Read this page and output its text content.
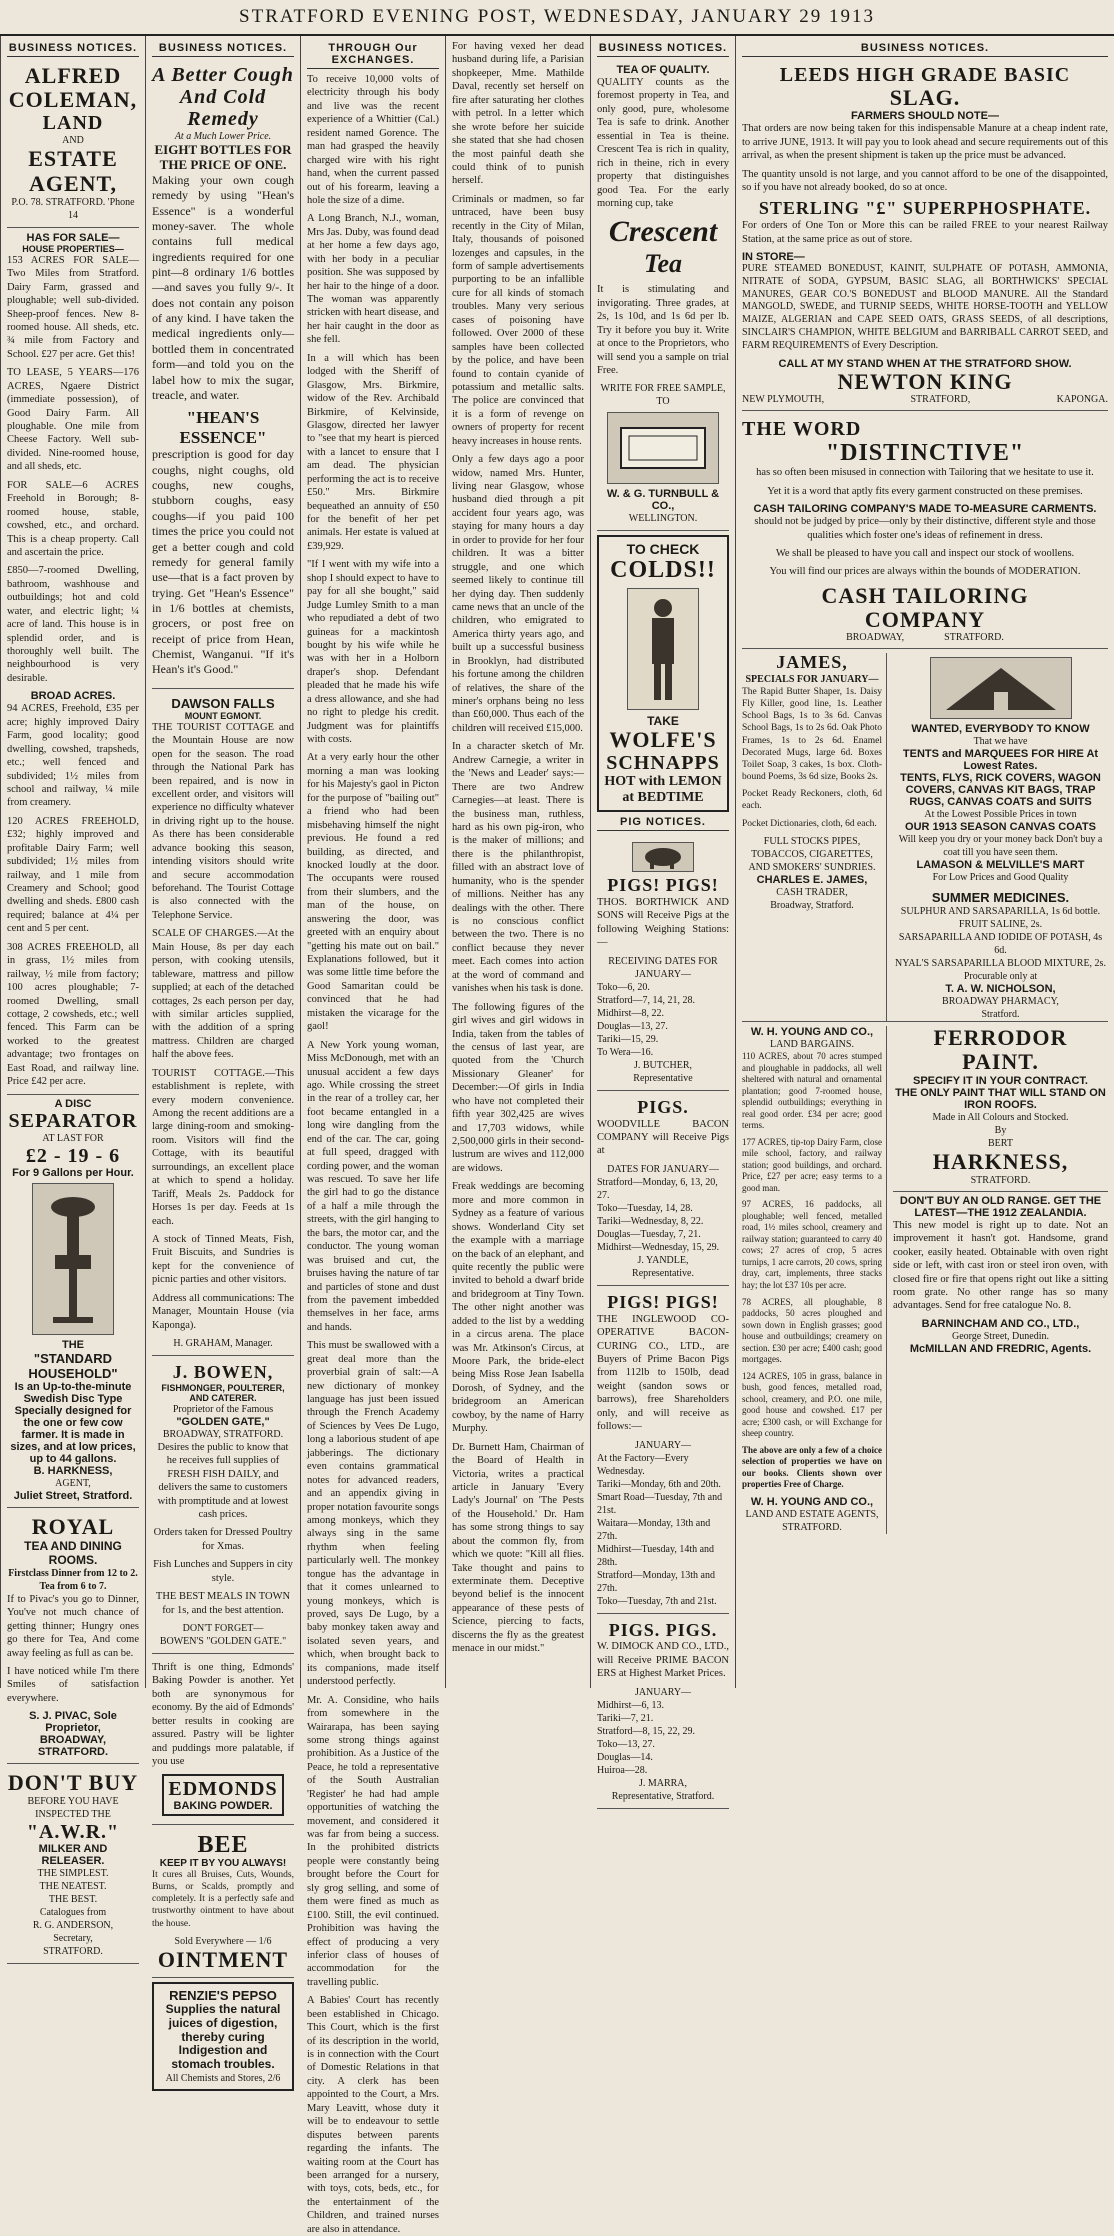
STRATFORD EVENING POST, WEDNESDAY, JANUARY 29 1913
BUSINESS NOTICES.
ALFRED
COLEMAN,
LAND
AND
ESTATE
AGENT,
P.O. 78. STRATFORD. 'Phone 14
HAS FOR SALE—
HOUSE PROPERTIES—

153 ACRES FOR SALE—Two Miles from Stratford. Dairy Farm, grassed and ploughable; well sub-divided. Sheep-proof fences. New 8-roomed house. All sheds, etc. ¾ mile from Factory and School. £27 per acre. Get this!

TO LEASE, 5 YEARS—176 ACRES, Ngaere District (immediate possession), of Good Dairy Farm. All ploughable. One mile from Cheese Factory. Well sub-divided. Nine-roomed house, and all sheds, etc.

FOR SALE—6 ACRES Freehold in Borough; 8-roomed house, stable, cowshed, etc., and orchard. This is a cheap property. Call and ascertain the price.

£850—7-roomed Dwelling, bathroom, washhouse and outbuildings; hot and cold water, and electric light; ¼ acre of land. This house is in splendid order, and is thoroughly well built. The neighbourhood is very desirable.

BROAD ACRES.

94 ACRES, Freehold, £35 per acre; highly improved Dairy Farm, good locality; good dwelling, cowshed, trapsheds, etc.; well fenced and subdivided; 1½ miles from school and railway, ¼ mile from creamery.

120 ACRES FREEHOLD, £32; highly improved and profitable Dairy Farm; well subdivided; 1½ miles from railway, and 1 mile from Creamery and School; good dwelling and sheds. £800 cash required; balance at 4¼ per cent and 5 per cent.

308 ACRES FREEHOLD, all in grass, 1½ miles from railway, ½ mile from factory; 100 acres ploughable; 7-roomed Dwelling, small cottage, 2 cowsheds, etc.; well fenced. This Farm can be worked to the greatest advantage; two frontages on East Road, and railway line. Price £42 per acre.

A DISC
SEPARATOR
AT LAST FOR
£2 - 19 - 6
For 9 Gallons per Hour.
THE
"STANDARD
HOUSEHOLD"
Is an Up-to-the-minute Swedish Disc Type Specially designed for the one or few cow farmer. It is made in sizes, and at low prices, up to 44 gallons.
B. HARKNESS,
AGENT,
Juliet Street, Stratford.
ROYAL
TEA AND DINING ROOMS.
Firstclass Dinner from 12 to 2. Tea from 6 to 7.

If to Pivac's you go to Dinner, You've not much chance of getting thinner; Hungry ones go there for Tea, And come away feeling as full as can be.

I have noticed while I'm there Smiles of satisfaction everywhere.

S. J. PIVAC, Sole Proprietor,
BROADWAY, STRATFORD.
DON'T BUY
BEFORE YOU HAVE INSPECTED THE
"A.W.R."
MILKER AND RELEASER.
THE SIMPLEST.
THE NEATEST.
THE BEST.
Catalogues from
R. G. ANDERSON,
Secretary,
STRATFORD.
BUSINESS NOTICES.
A Better Cough
And Cold Remedy
At a Much Lower Price.
EIGHT BOTTLES FOR THE PRICE OF ONE.

Making your own cough remedy by using "Hean's Essence" is a wonderful money-saver. The whole contains full medical ingredients required for one pint—8 ordinary 1/6 bottles—and saves you fully 9/-. It does not contain any poison of any kind. I have taken the medical ingredients only—bottled them in concentrated form—and told you on the label how to mix the sugar, treacle, and water.

"HEAN'S ESSENCE"

prescription is good for day coughs, night coughs, old coughs, new coughs, stubborn coughs, easy coughs—if you paid 100 times the price you could not get a better cough and cold remedy for general family use—that is a fact proven by trying. Get "Hean's Essence" in 1/6 bottles at chemists, grocers, or post free on receipt of price from Hean, Chemist, Wanganui. "If it's Hean's it's Good."

DAWSON FALLS
MOUNT EGMONT.

THE TOURIST COTTAGE and the Mountain House are now open for the season. The road through the National Park has been repaired, and is now in excellent order, and visitors will experience no difficulty whatever in driving right up to the house. As there has been considerable advance booking this season, intending visitors should write and secure accommodation beforehand. The Tourist Cottage is also connected with the Telephone Service.

SCALE OF CHARGES.—At the Main House, 8s per day each person, with cooking utensils, tableware, mattress and pillow supplied; at each of the detached cottages, 2s each person per day, with similar articles supplied, with the addition of a spring mattress. Children are charged half the above fees.

TOURIST COTTAGE.—This establishment is replete, with every modern convenience. Among the recent additions are a large dining-room and smoking-room. Visitors will find the Cottage, with its beautiful surroundings, an excellent place at which to spend a holiday. Tariff, Meals 2s. Paddock for Horses 1s per day. Feeds at 1s each.

A stock of Tinned Meats, Fish, Fruit Biscuits, and Sundries is kept for the convenience of picnic parties and other visitors.

Address all communications: The Manager, Mountain House (via Kaponga).

H. GRAHAM, Manager.
J. BOWEN,
FISHMONGER, POULTERER, AND CATERER.
Proprietor of the Famous
"GOLDEN GATE,"
BROADWAY, STRATFORD.

Desires the public to know that he receives full supplies of FRESH FISH DAILY, and delivers the same to customers with promptitude and at lowest cash prices.

Orders taken for Dressed Poultry for Xmas.

Fish Lunches and Suppers in city style.

THE BEST MEALS IN TOWN for 1s, and the best attention.

DON'T FORGET—
BOWEN'S "GOLDEN GATE."

Thrift is one thing, Edmonds' Baking Powder is another. Yet both are synonymous for economy. By the aid of Edmonds' better results in cooking are assured. Pastry will be lighter and puddings more palatable, if you use

EDMONDS
BAKING POWDER.
BEE
KEEP IT BY YOU ALWAYS!

It cures all Bruises, Cuts, Wounds, Burns, or Scalds, promptly and completely. It is a perfectly safe and trustworthy ointment to have about the house.

Sold Everywhere — 1/6
OINTMENT
RENZIE'S PEPSO
Supplies the natural juices of digestion, thereby curing Indigestion and stomach troubles.
All Chemists and Stores, 2/6
THROUGH Our EXCHANGES.

To receive 10,000 volts of electricity through his body and live was the recent experience of a Whittier (Cal.) resident named Gorence. The man had grasped the heavily charged wire with his right hand, when the current passed out of his forearm, leaving a hole the size of a dime.

A Long Branch, N.J., woman, Mrs Jas. Duby, was found dead at her home a few days ago, with her body in a peculiar position. She was supposed by her hair to the hinge of a door. The woman was apparently stricken with heart disease, and her hair caught in the door as she fell.

In a will which has been lodged with the Sheriff of Glasgow, Mrs. Birkmire, widow of the Rev. Archibald Birkmire, of Kelvinside, Glasgow, directed her lawyer to "see that my heart is pierced with a lancet to ensure that I am dead. The physician performing the act is to receive £50." Mrs. Birkmire bequeathed an annuity of £50 for the benefit of her pet animals. Her estate is valued at £39,929.

"If I went with my wife into a shop I should expect to have to pay for all she bought," said Judge Lumley Smith to a man who repudiated a debt of two guineas for a mackintosh bought by his wife while he was with her in a Holborn draper's shop. Defendant pleaded that he made his wife a dress allowance, and she had no right to pledge his credit. Judgment was for plaintiffs with costs.

At a very early hour the other morning a man was looking for his Majesty's gaol in Picton for the purpose of "bailing out" a friend who had been misbehaving himself the night previous. He found a red building, as directed, and knocked loudly at the door. The occupants were roused from their slumbers, and the man of the house, on answering the door, was greeted with an enquiry about "getting his mate out on bail." Explanations followed, but it was some little time before the Good Samaritan could be convinced that he had mistaken the vicarage for the gaol!

A New York young woman, Miss McDonough, met with an unusual accident a few days ago. While crossing the street in the rear of a trolley car, her foot became entangled in a long wire dangling from the end of the car. The car, going at full speed, dragged with cording power, and the woman was rescued. To save her life the girl had to go the distance of a half a mile through the streets, with the girl hanging to the bars, the motor car, and the conductor. The young woman was bruised and cut, the bruises having the nature of tar and particles of stone and dust from the pavement imbedded themselves in her face, arms and hands.

This must be swallowed with a great deal more than the proverbial grain of salt:—A new dictionary of monkey language has just been issued through the French Academy of Sciences by Vees De Lugo, long a laborious student of ape jabberings. The dictionary even contains grammatical notes for advanced readers, and an appendix giving in proper notation favourite songs among monkeys, which they always sing in the same rhythm when feeling particularly well. The monkey tongue has the advantage in that it comes unlearned to young monkeys, which is proved, says De Lugo, by a baby monkey taken away and isolated seven years, and which, when brought back to its companions, made itself understood perfectly.

Mr. A. Considine, who hails from somewhere in the Wairarapa, has been saying some strong things against prohibition. As a Justice of the Peace, he told a representative of the South Australian 'Register' he had had ample opportunities of watching the movement, and considered it was far from being a success. In the prohibited districts people were constantly being brought before the Court for sly grog selling, and some of them were fined as much as £100. Still, the evil continued. Prohibition was having the effect of producing a very inferior class of houses of accommodation for the travelling public.

A Babies' Court has recently been established in Chicago. This Court, which is the first of its description in the world, is in connection with the Court of Domestic Relations in that city. A clerk has been appointed to the Court, a Mrs. Mary Leavitt, whose duty it will be to endeavour to settle disputes between parents regarding the infants. The waiting room at the Court has been arranged for a nursery, with toys, cots, beds, etc., for the entertainment of the Children, and trained nurses are also in attendance.

For having vexed her dead husband during life, a Parisian shopkeeper, Mme. Mathilde Daval, recently set herself on fire after saturating her clothes with petrol. In a letter which she wrote before her suicide she stated that she had chosen the most painful death she could think of to punish herself.

Criminals or madmen, so far untraced, have been busy recently in the City of Milan, Italy, thousands of poisoned lozenges and capsules, in the form of sample advertisements purporting to be an infallible cure for all kinds of stomach troubles. Many very serious cases of poisoning have followed. Over 2000 of these samples have been collected by the police, and have been found to contain cyanide of potassium and metallic salts. The police are convinced that it is a form of revenge on owners of property for recent heavy increases in house rents.

Only a few days ago a poor widow, named Mrs. Hunter, living near Glasgow, whose husband died through a pit accident four years ago, was staying for many hours a day in order to provide for her four children. It was a bitter struggle, and one which seemed likely to continue till her dying day. Then suddenly came news that an uncle of the children, who emigrated to America thirty years ago, and built up a successful business in Brooklyn, had distributed his fortune among the children of relatives, the share of the miner's orphans being no less than £60,000. Thus each of the children will received £15,000.

In a character sketch of Mr. Andrew Carnegie, a writer in the 'News and Leader' says:—There are two Andrew Carnegies—at least. There is the business man, ruthless, hard as his own pig-iron, who is the maker of millions; and there is the philanthropist, filled with an abstract love of humanity, who is the spender of millions. Neither has any dealings with the other. There is no conscious conflict between the two. There is no conflict because they never meet. Each comes into action at the word of command and vanishes when his task is done.

The following figures of the girl wives and girl widows in India, taken from the tables of the census of last year, are quoted from the 'Church Missionary Gleaner' for December:—Of girls in India who have not completed their fifth year 302,425 are wives and 17,703 widows, while 2,500,000 girls in their second-lustrum are wives and 112,000 are widows.

Freak weddings are becoming more and more common in Sydney as a feature of various shows. Wonderland City set the example with a marriage on the back of an elephant, and quite recently the public were invited to behold a dwarf bride and bridegroom at Tiny Town. The other night another was added to the list by a wedding in a circus arena. The place was Mr. Atkinson's Circus, at Moore Park, the bride-elect being Miss Rose Jean Isabella Dorosh, of Sydney, and the bridegroom an American cowboy, by the name of Harry Murphy.

Dr. Burnett Ham, Chairman of the Board of Health in Victoria, writes a practical article in January 'Every Lady's Journal' on 'The Pests of the Household.' Dr. Ham has some strong things to say about the common fly, from which we quote: "Kill all flies. Take thought and pains to exterminate them. Deceptive beyond belief is the innocent appearance of these pests of Science, piercing to facts, discerns the fly as the greatest menace in our midst."

BUSINESS NOTICES.
TEA OF QUALITY.

QUALITY counts as the foremost property in Tea, and only good, pure, wholesome Tea is safe to drink. Another essential in Tea is theine. Crescent Tea is rich in quality, rich in theine, rich in every property that distinguishes good Tea. For the early morning cup, take

Crescent
Tea

It is stimulating and invigorating. Three grades, at 2s, 1s 10d, and 1s 6d per lb. Try it before you buy it. Write at once to the Proprietors, who will send you a sample on trial Free.

WRITE FOR FREE SAMPLE, TO
W. & G. TURNBULL & CO.,
WELLINGTON.
TO CHECK
COLDS!!
TAKE
WOLFE'S
SCHNAPPS
HOT with LEMON
at BEDTIME
PIG NOTICES.
PIGS! PIGS!

THOS. BORTHWICK AND SONS will Receive Pigs at the following Weighing Stations:—

RECEIVING DATES FOR JANUARY—
Toko—6, 20.
Stratford—7, 14, 21, 28.
Midhirst—8, 22.
Douglas—13, 27.
Tariki—15, 29.
To Wera—16.
J. BUTCHER,
Representative
PIGS.

WOODVILLE BACON COMPANY will Receive Pigs at

DATES FOR JANUARY—
Stratford—Monday, 6, 13, 20, 27.
Toko—Tuesday, 14, 28.
Tariki—Wednesday, 8, 22.
Douglas—Tuesday, 7, 21.
Midhirst—Wednesday, 15, 29.
J. YANDLE,
Representative.
PIGS! PIGS!

THE INGLEWOOD CO-OPERATIVE BACON-CURING CO., LTD., are Buyers of Prime Bacon Pigs from 112lb to 150lb, dead weight (sandon sows or barrows), free Shareholders only, and will receive as follows:—

JANUARY—
At the Factory—Every Wednesday.
Tariki—Monday, 6th and 20th.
Smart Road—Tuesday, 7th and 21st.
Waitara—Monday, 13th and 27th.
Midhirst—Tuesday, 14th and 28th.
Stratford—Monday, 13th and 27th.
Toko—Tuesday, 7th and 21st.
PIGS. PIGS.

W. DIMOCK AND CO., LTD., will Receive PRIME BACON ERS at Highest Market Prices.

JANUARY—
Midhirst—6, 13.
Tariki—7, 21.
Stratford—8, 15, 22, 29.
Toko—13, 27.
Douglas—14.
Huiroa—28.
J. MARRA,
Representative, Stratford.
BUSINESS NOTICES.
LEEDS HIGH GRADE BASIC
SLAG.
FARMERS SHOULD NOTE—

That orders are now being taken for this indispensable Manure at a cheap indent rate, to arrive JUNE, 1913. It will pay you to look ahead and secure requirements out of this arrival, as when the present shipment is taken up the price must be advanced.

The quantity unsold is not large, and you cannot afford to be one of the disappointed, so if you have not already booked, do so at once.

STERLING "£" SUPERPHOSPHATE.

For orders of One Ton or More this can be railed FREE to your nearest Railway Station, at the same price as out of store.

IN STORE—

PURE STEAMED BONEDUST, KAINIT, SULPHATE OF POTASH, AMMONIA, NITRATE of SODA, GYPSUM, BASIC SLAG, all BORTHWICKS' SPECIAL MANURES, GEAR CO.'S BONEDUST and BLOOD MANURE. All the Standard MANGOLD, SWEDE, and TURNIP SEEDS, WHITE HORSE-TOOTH and YELLOW MAIZE, ALGERIAN and CAPE SEED OATS, GRASS SEEDS, of all descriptions, SINCLAIR'S CHAMPION, WHITE BELGIUM and BARRIBALL CARROT SEED, and FARM REQUIREMENTS of Every Description.

CALL AT MY STAND WHEN AT THE STRATFORD SHOW.
NEWTON KING
NEW PLYMOUTH,	STRATFORD,	KAPONGA.
THE WORD
"DISTINCTIVE"

has so often been misused in connection with Tailoring that we hesitate to use it.

Yet it is a word that aptly fits every garment constructed on these premises.

CASH TAILORING COMPANY'S MADE TO-MEASURE CARMENTS.

should not be judged by price—only by their distinctive, different style and those qualities which foster one's ideas of refinement in dress.

We shall be pleased to have you call and inspect our stock of woollens.

You will find our prices are always within the bounds of MODERATION.

CASH TAILORING
COMPANY
BROADWAY,	STRATFORD.
JAMES,
SPECIALS FOR JANUARY—

The Rapid Butter Shaper, 1s. Daisy Fly Killer, good line, 1s. Leather School Bags, 1s to 3s 6d. Canvas School Bags, 1s to 2s 6d. Oak Photo Frames, 1s to 2s 6d. Enamel Decorated Mugs, large 6d. Boxes Toilet Soap, 3 cakes, 1s box. Cloth-bound Poems, 3s 6d size, Books 2s.

Pocket Ready Reckoners, cloth, 6d each.

Pocket Dictionaries, cloth, 6d each.

FULL STOCKS PIPES, TOBACCOS, CIGARETTES, AND SMOKERS' SUNDRIES.
CHARLES E. JAMES,
CASH TRADER,
Broadway, Stratford.
WANTED, EVERYBODY TO KNOW
That we have
TENTS and MARQUEES FOR HIRE At Lowest Rates.
TENTS, FLYS, RICK COVERS, WAGON COVERS, CANVAS KIT BAGS, TRAP RUGS, CANVAS COATS and SUITS
At the Lowest Possible Prices in town
OUR 1913 SEASON CANVAS COATS
Will keep you dry or your money back Don't buy a coat till you have seen them.
LAMASON & MELVILLE'S MART
For Low Prices and Good Quality
SUMMER MEDICINES.
SULPHUR AND SARSAPARILLA, 1s 6d bottle.
FRUIT SALINE, 2s.
SARSAPARILLA AND IODIDE OF POTASH, 4s 6d.
NYAL'S SARSAPARILLA BLOOD MIXTURE, 2s.
Procurable only at
T. A. W. NICHOLSON,
BROADWAY PHARMACY,
Stratford.
W. H. YOUNG AND CO.,
LAND BARGAINS.

110 ACRES, about 70 acres stumped and ploughable in paddocks, all well sheltered with natural and ornamental plantation; good 7-roomed house, splendid outbuildings; everything in real good order. £34 per acre; good terms.

177 ACRES, tip-top Dairy Farm, close mile school, factory, and railway station; good buildings, and orchard. Price, £27 per acre; easy terms to a good man.

97 ACRES, 16 paddocks, all ploughable; well fenced, metalled road, 1½ miles school, creamery and railway station; guaranteed to carry 40 cows; 27 acres of crop, 5 acres turnips, 1 acre carrots, 20 cows, spring dray, cart, implements, three stacks hay; the lot £37 10s per acre.

78 ACRES, all ploughable, 8 paddocks, 50 acres ploughed and sown down in English grasses; good house and outbuildings; creamery on section. £30 per acre; £400 cash; good mortgages.

124 ACRES, 105 in grass, balance in bush, good fences, metalled road, school, creamery, and P.O. one mile, good house and cowshed. £17 per acre; £300 cash, or will Exchange for sheep country.

The above are only a few of a choice selection of properties we have on our books. Clients shown over properties Free of Charge.

W. H. YOUNG AND CO.,
LAND AND ESTATE AGENTS,
STRATFORD.
FERRODOR
PAINT.
SPECIFY IT IN YOUR CONTRACT.
THE ONLY PAINT THAT WILL STAND ON IRON ROOFS.
Made in All Colours and Stocked.
By
BERT
HARKNESS,
STRATFORD.
DON'T BUY AN OLD RANGE. GET THE LATEST—THE 1912 ZEALANDIA.

This new model is right up to date. Not an improvement it hasn't got. Handsome, grand cooker, easily heated. Obtainable with oven right side or left, with cast iron or steel iron oven, with closed fire or fire that opens right out like a sitting room grate. No other range has so many advantages. Send for free catalogue No. 8.

BARNINCHAM AND CO., LTD.,
George Street, Dunedin.
McMILLAN AND FREDRIC, Agents.
